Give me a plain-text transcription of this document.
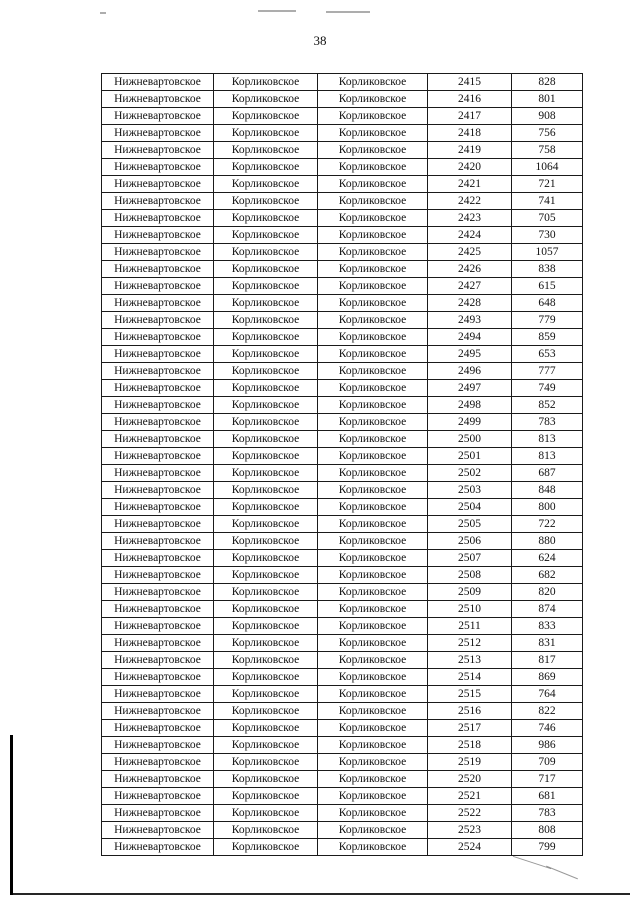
38
Нижневартовское	Корликовское	Корликовское	2415	828
Нижневартовское	Корликовское	Корликовское	2416	801
Нижневартовское	Корликовское	Корликовское	2417	908
Нижневартовское	Корликовское	Корликовское	2418	756
Нижневартовское	Корликовское	Корликовское	2419	758
Нижневартовское	Корликовское	Корликовское	2420	1064
Нижневартовское	Корликовское	Корликовское	2421	721
Нижневартовское	Корликовское	Корликовское	2422	741
Нижневартовское	Корликовское	Корликовское	2423	705
Нижневартовское	Корликовское	Корликовское	2424	730
Нижневартовское	Корликовское	Корликовское	2425	1057
Нижневартовское	Корликовское	Корликовское	2426	838
Нижневартовское	Корликовское	Корликовское	2427	615
Нижневартовское	Корликовское	Корликовское	2428	648
Нижневартовское	Корликовское	Корликовское	2493	779
Нижневартовское	Корликовское	Корликовское	2494	859
Нижневартовское	Корликовское	Корликовское	2495	653
Нижневартовское	Корликовское	Корликовское	2496	777
Нижневартовское	Корликовское	Корликовское	2497	749
Нижневартовское	Корликовское	Корликовское	2498	852
Нижневартовское	Корликовское	Корликовское	2499	783
Нижневартовское	Корликовское	Корликовское	2500	813
Нижневартовское	Корликовское	Корликовское	2501	813
Нижневартовское	Корликовское	Корликовское	2502	687
Нижневартовское	Корликовское	Корликовское	2503	848
Нижневартовское	Корликовское	Корликовское	2504	800
Нижневартовское	Корликовское	Корликовское	2505	722
Нижневартовское	Корликовское	Корликовское	2506	880
Нижневартовское	Корликовское	Корликовское	2507	624
Нижневартовское	Корликовское	Корликовское	2508	682
Нижневартовское	Корликовское	Корликовское	2509	820
Нижневартовское	Корликовское	Корликовское	2510	874
Нижневартовское	Корликовское	Корликовское	2511	833
Нижневартовское	Корликовское	Корликовское	2512	831
Нижневартовское	Корликовское	Корликовское	2513	817
Нижневартовское	Корликовское	Корликовское	2514	869
Нижневартовское	Корликовское	Корликовское	2515	764
Нижневартовское	Корликовское	Корликовское	2516	822
Нижневартовское	Корликовское	Корликовское	2517	746
Нижневартовское	Корликовское	Корликовское	2518	986
Нижневартовское	Корликовское	Корликовское	2519	709
Нижневартовское	Корликовское	Корликовское	2520	717
Нижневартовское	Корликовское	Корликовское	2521	681
Нижневартовское	Корликовское	Корликовское	2522	783
Нижневартовское	Корликовское	Корликовское	2523	808
Нижневартовское	Корликовское	Корликовское	2524	799
